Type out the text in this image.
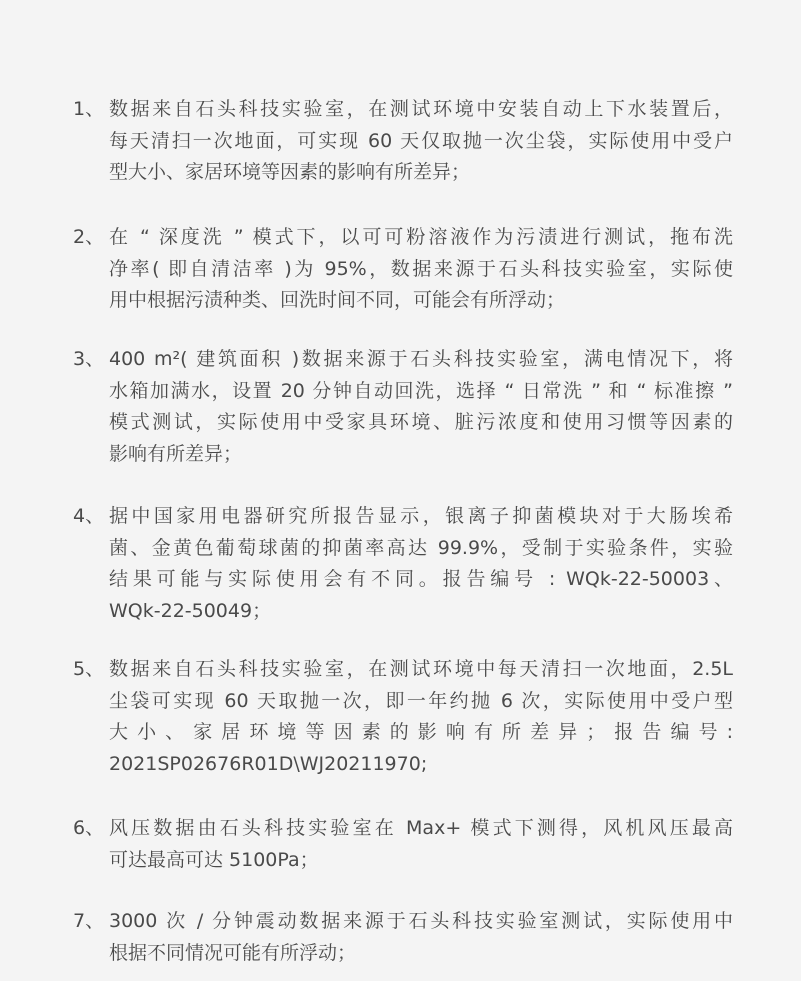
1、 数据来自石头科技实验室，在测试环境中安装自动上下水装置后，
每天清扫一次地面，可实现 60 天仅取抛一次尘袋，实际使用中受户
型大小、家居环境等因素的影响有所差异；
2、 在 “ 深度洗 ” 模式下，以可可粉溶液作为污渍进行测试，拖布洗
净率( 即自清洁率 )为 95%，数据来源于石头科技实验室，实际使
用中根据污渍种类、回洗时间不同，可能会有所浮动；
3、 400 m²( 建筑面积 )数据来源于石头科技实验室，满电情况下，将
水箱加满水，设置 20 分钟自动回洗，选择 “ 日常洗 ” 和 “ 标准擦 ”
模式测试，实际使用中受家具环境、脏污浓度和使用习惯等因素的
影响有所差异；
4、 据中国家用电器研究所报告显示，银离子抑菌模块对于大肠埃希
菌、金黄色葡萄球菌的抑菌率高达 99.9%，受制于实验条件，实验
结果可能与实际使用会有不同。报告编号 : WQk-22-50003、
WQk-22-50049；
5、 数据来自石头科技实验室，在测试环境中每天清扫一次地面，2.5L
尘袋可实现 60 天取抛一次，即一年约抛 6 次，实际使用中受户型
大小、家居环境等因素的影响有所差异；报告编号:
2021SP02676R01D\WJ20211970;
6、 风压数据由石头科技实验室在 Max+ 模式下测得，风机风压最高
可达最高可达 5100Pa；
7、 3000 次 / 分钟震动数据来源于石头科技实验室测试，实际使用中
根据不同情况可能有所浮动；
